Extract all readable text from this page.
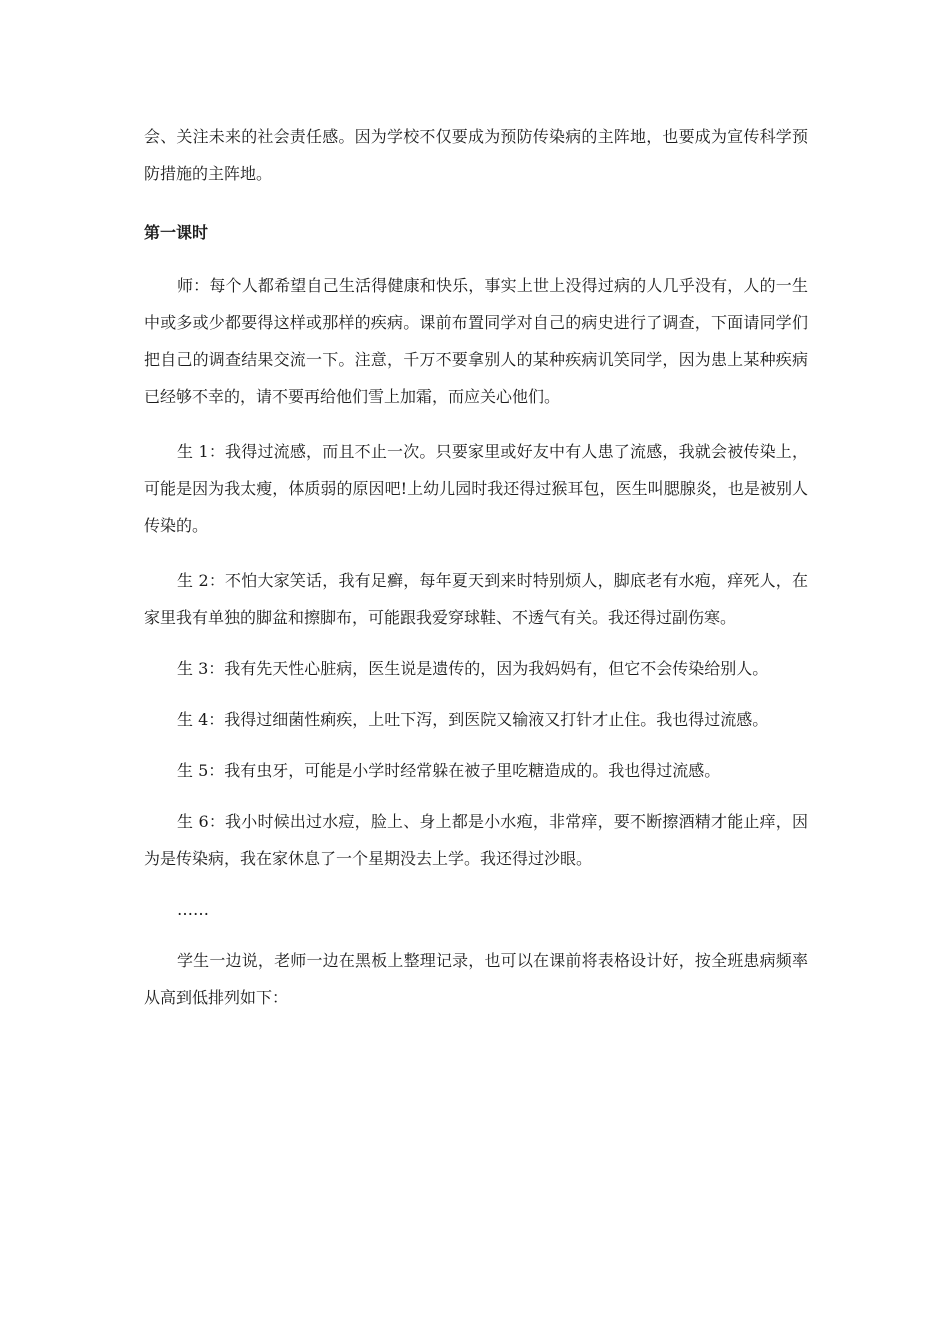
会、关注未来的社会责任感。因为学校不仅要成为预防传染病的主阵地，也要成为宣传科学预防措施的主阵地。

第一课时

师：每个人都希望自己生活得健康和快乐，事实上世上没得过病的人几乎没有，人的一生中或多或少都要得这样或那样的疾病。课前布置同学对自己的病史进行了调查，下面请同学们把自己的调查结果交流一下。注意，千万不要拿别人的某种疾病讥笑同学，因为患上某种疾病已经够不幸的，请不要再给他们雪上加霜，而应关心他们。

生 1：我得过流感，而且不止一次。只要家里或好友中有人患了流感，我就会被传染上，可能是因为我太瘦，体质弱的原因吧!上幼儿园时我还得过猴耳包，医生叫腮腺炎，也是被别人传染的。

生 2：不怕大家笑话，我有足癣，每年夏天到来时特别烦人，脚底老有水疱，痒死人，在家里我有单独的脚盆和擦脚布，可能跟我爱穿球鞋、不透气有关。我还得过副伤寒。

生 3：我有先天性心脏病，医生说是遗传的，因为我妈妈有，但它不会传染给别人。

生 4：我得过细菌性痢疾，上吐下泻，到医院又输液又打针才止住。我也得过流感。

生 5：我有虫牙，可能是小学时经常躲在被子里吃糖造成的。我也得过流感。

生 6：我小时候出过水痘，脸上、身上都是小水疱，非常痒，要不断擦酒精才能止痒，因为是传染病，我在家休息了一个星期没去上学。我还得过沙眼。

……

学生一边说，老师一边在黑板上整理记录，也可以在课前将表格设计好，按全班患病频率从高到低排列如下：
